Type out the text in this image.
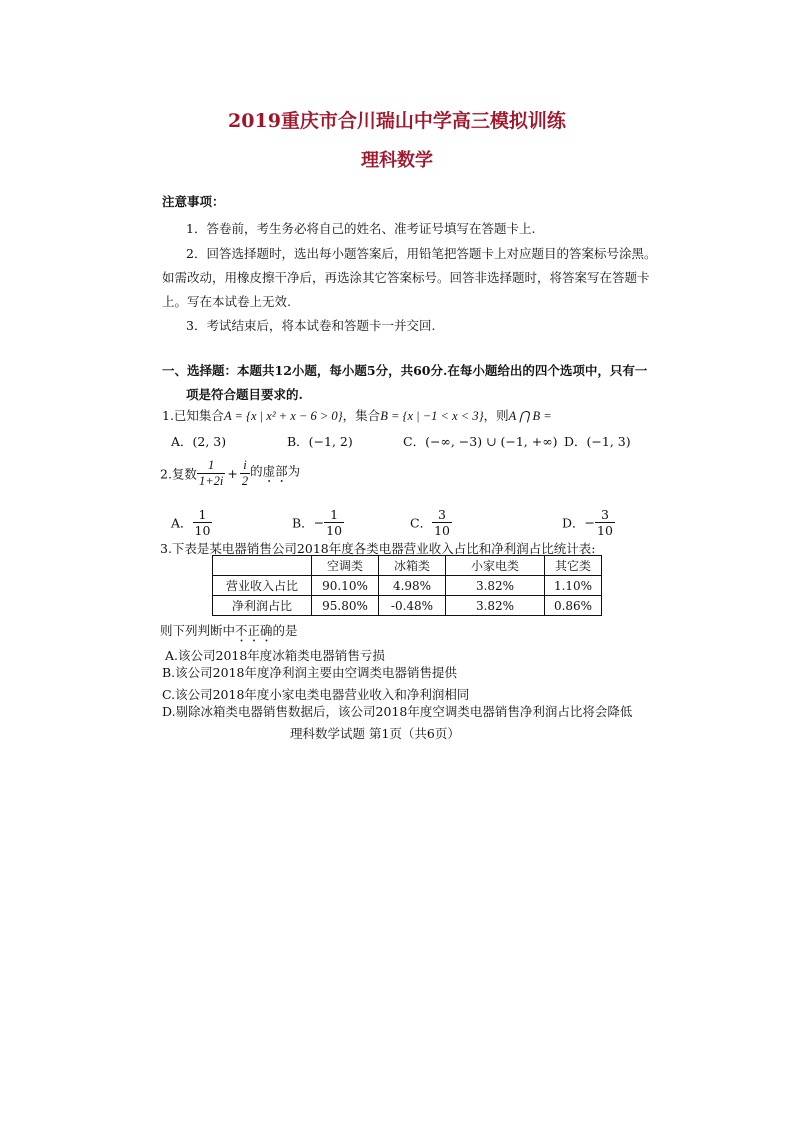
2019重庆市合川瑞山中学高三模拟训练
理科数学
注意事项：
1．答卷前，考生务必将自己的姓名、准考证号填写在答题卡上.
2．回答选择题时，选出每小题答案后，用铅笔把答题卡上对应题目的答案标号涂黑。
如需改动，用橡皮擦干净后，再选涂其它答案标号。回答非选择题时，将答案写在答题卡
上。写在本试卷上无效.
3．考试结束后，将本试卷和答题卡一并交回.
一、选择题：本题共12小题，每小题5分，共60分.在每小题给出的四个选项中，只有一
项是符合题目要求的.
1.已知集合A = {x | x² + x − 6 > 0}，集合B = {x | −1 < x < 3}，则A ⋂ B =
A．(2, 3)	B．(−1, 2)	C．(−∞, −3) ∪ (−1, +∞) D．(−1, 3)
2.复数 $\frac{1}{1+2i} + \frac{i}{2}$ 的虚部为
A． $\frac{1}{10}$	B．− $\frac{1}{10}$	C． $\frac{3}{10}$	D．− $\frac{3}{10}$
3.下表是某电器销售公司2018年度各类电器营业收入占比和净利润占比统计表:
	空调类	冰箱类	小家电类	其它类
营业收入占比	90.10%	4.98%	3.82%	1.10%
净利润占比	95.80%	-0.48%	3.82%	0.86%
则下列判断中不正确的是
A.该公司2018年度冰箱类电器销售亏损
B.该公司2018年度净利润主要由空调类电器销售提供
C.该公司2018年度小家电类电器营业收入和净利润相同
D.剔除冰箱类电器销售数据后，该公司2018年度空调类电器销售净利润占比将会降低
理科数学试题 第1页（共6页）
